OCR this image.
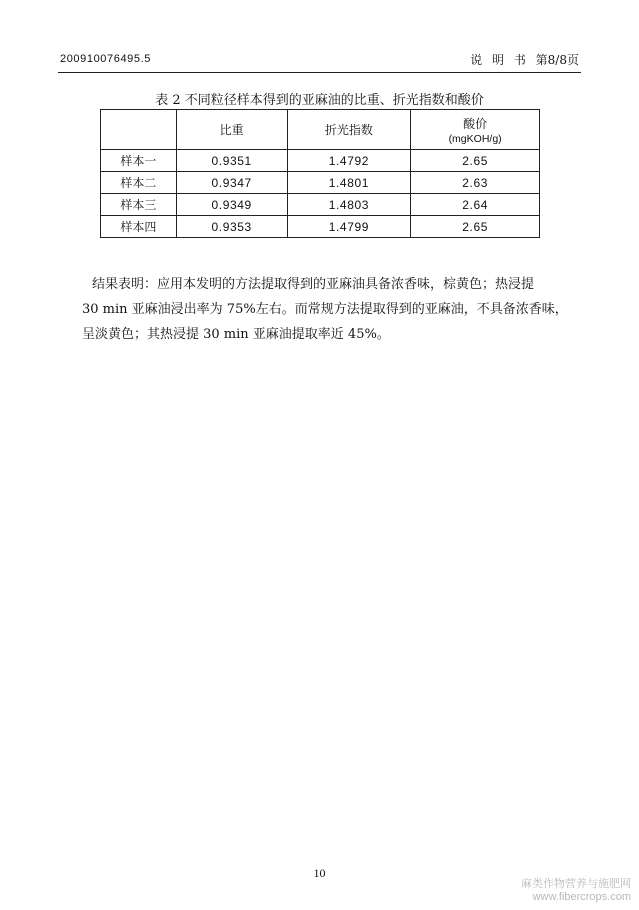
200910076495.5	说 明 书 第8/8页
表 2 不同粒径样本得到的亚麻油的比重、折光指数和酸价
	比重	折光指数	酸价
(mgKOH/g)

样本一	0.9351	1.4792	2.65
样本二	0.9347	1.4801	2.63
样本三	0.9349	1.4803	2.64
样本四	0.9353	1.4799	2.65
结果表明：应用本发明的方法提取得到的亚麻油具备浓香味，棕黄色；热浸提
30 min 亚麻油浸出率为 75%左右。而常规方法提取得到的亚麻油，不具备浓香味，
呈淡黄色；其热浸提 30 min 亚麻油提取率近 45%。
10
麻类作物营养与施肥网
www.fibercrops.com
